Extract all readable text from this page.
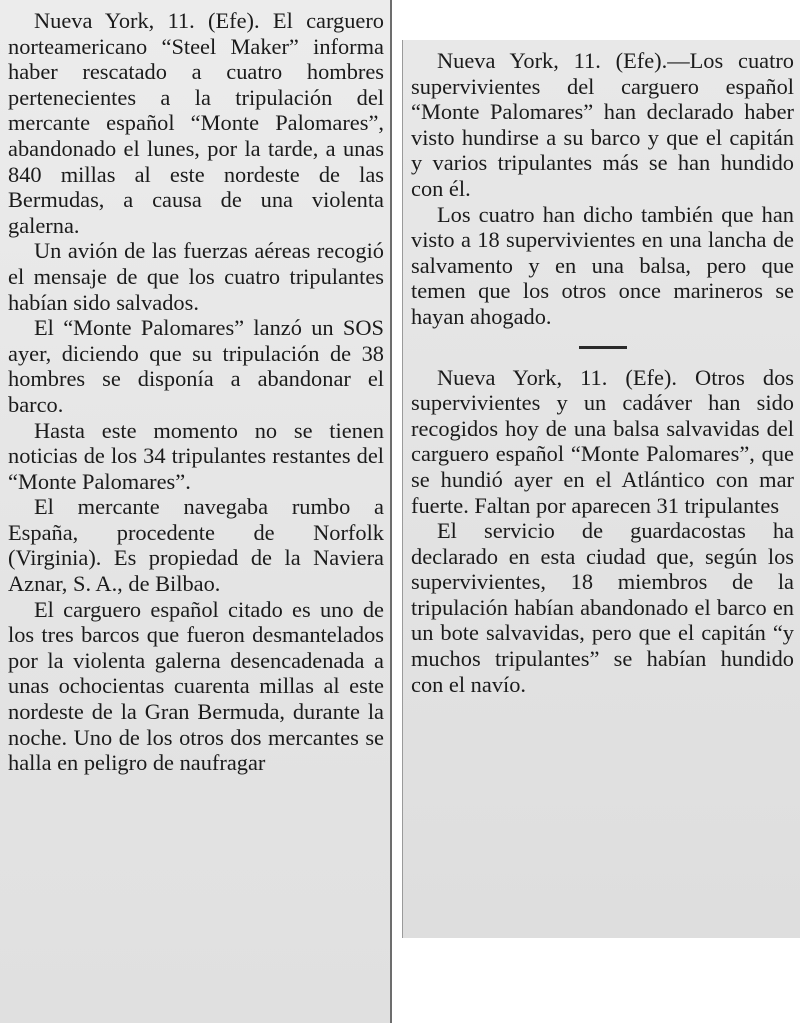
Nueva York, 11. (Efe). El carguero norteamericano “Steel Maker” informa haber rescatado a cuatro hombres pertenecientes a la tripulación del mercante español “Monte Palomares”, abandonado el lunes, por la tarde, a unas 840 millas al este nordeste de las Bermudas, a causa de una violenta galerna.

Un avión de las fuerzas aéreas recogió el mensaje de que los cuatro tripulantes habían sido salvados.

El “Monte Palomares” lanzó un SOS ayer, diciendo que su tripulación de 38 hombres se disponía a abandonar el barco.

Hasta este momento no se tienen noticias de los 34 tripulantes restantes del “Monte Palomares”.

El mercante navegaba rumbo a España, procedente de Norfolk (Virginia). Es propiedad de la Naviera Aznar, S. A., de Bilbao.

El carguero español citado es uno de los tres barcos que fueron desmantelados por la violenta galerna desencadenada a unas ochocientas cuarenta millas al este nordeste de la Gran Bermuda, durante la noche. Uno de los otros dos mercantes se halla en peligro de naufragar

Nueva York, 11. (Efe).—Los cuatro supervivientes del carguero español “Monte Palomares” han declarado haber visto hundirse a su barco y que el capitán y varios tripulantes más se han hundido con él.

Los cuatro han dicho también que han visto a 18 supervivientes en una lancha de salvamento y en una balsa, pero que temen que los otros once marineros se hayan ahogado.

Nueva York, 11. (Efe). Otros dos supervivientes y un cadáver han sido recogidos hoy de una balsa salvavidas del carguero español “Monte Palomares”, que se hundió ayer en el Atlántico con mar fuerte. Faltan por aparecen 31 tripulantes

El servicio de guardacostas ha declarado en esta ciudad que, según los supervivientes, 18 miembros de la tripulación habían abandonado el barco en un bote salvavidas, pero que el capitán “y muchos tripulantes” se habían hundido con el navío.
